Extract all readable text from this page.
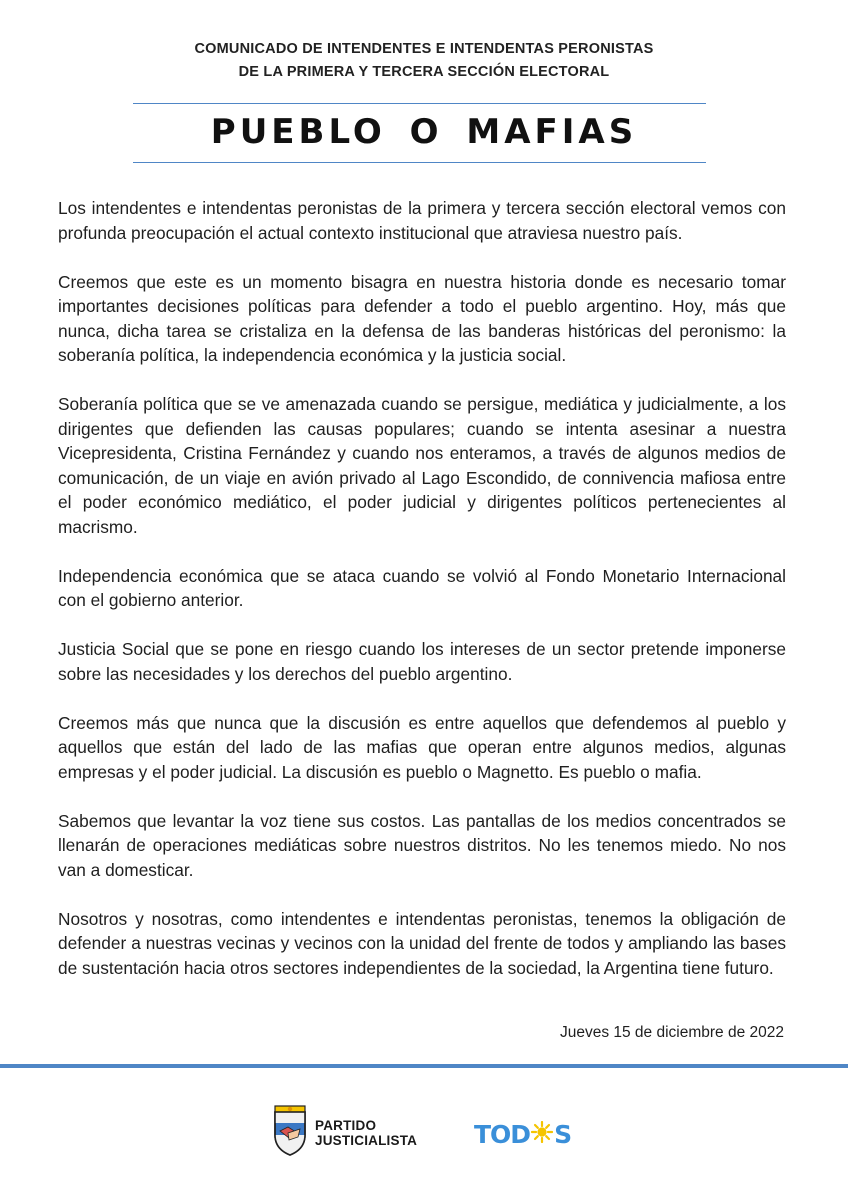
COMUNICADO DE INTENDENTES E INTENDENTAS PERONISTAS
DE LA PRIMERA Y TERCERA SECCIÓN ELECTORAL
PUEBLO O MAFIAS

Los intendentes e intendentas peronistas de la primera y tercera sección electoral vemos con profunda preocupación el actual contexto institucional que atraviesa nuestro país.

Creemos que este es un momento bisagra en nuestra historia donde es necesario tomar importantes decisiones políticas para defender a todo el pueblo argentino. Hoy, más que nunca, dicha tarea se cristaliza en la defensa de las banderas históricas del peronismo: la soberanía política, la independencia económica y la justicia social.

Soberanía política que se ve amenazada cuando se persigue, mediática y judicialmente, a los dirigentes que defienden las causas populares; cuando se intenta asesinar a nuestra Vicepresidenta, Cristina Fernández y cuando nos enteramos, a través de algunos medios de comunicación, de un viaje en avión privado al Lago Escondido, de connivencia mafiosa entre el poder económico mediático, el poder judicial y dirigentes políticos pertenecientes al macrismo.

Independencia económica que se ataca cuando se volvió al Fondo Monetario Internacional con el gobierno anterior.

Justicia Social que se pone en riesgo cuando los intereses de un sector pretende imponerse sobre las necesidades y los derechos del pueblo argentino.

Creemos más que nunca que la discusión es entre aquellos que defendemos al pueblo y aquellos que están del lado de las mafias que operan entre algunos medios, algunas empresas y el poder judicial. La discusión es pueblo o Magnetto. Es pueblo o mafia.

Sabemos que levantar la voz tiene sus costos. Las pantallas de los medios concentrados se llenarán de operaciones mediáticas sobre nuestros distritos. No les tenemos miedo. No nos van a domesticar.

Nosotros y nosotras, como intendentes e intendentas peronistas, tenemos la obligación de defender a nuestras vecinas y vecinos con la unidad del frente de todos y ampliando las bases de sustentación hacia otros sectores independientes de la sociedad, la Argentina tiene futuro.

Jueves 15 de diciembre de 2022
PARTIDO
JUSTICIALISTA TOD S
